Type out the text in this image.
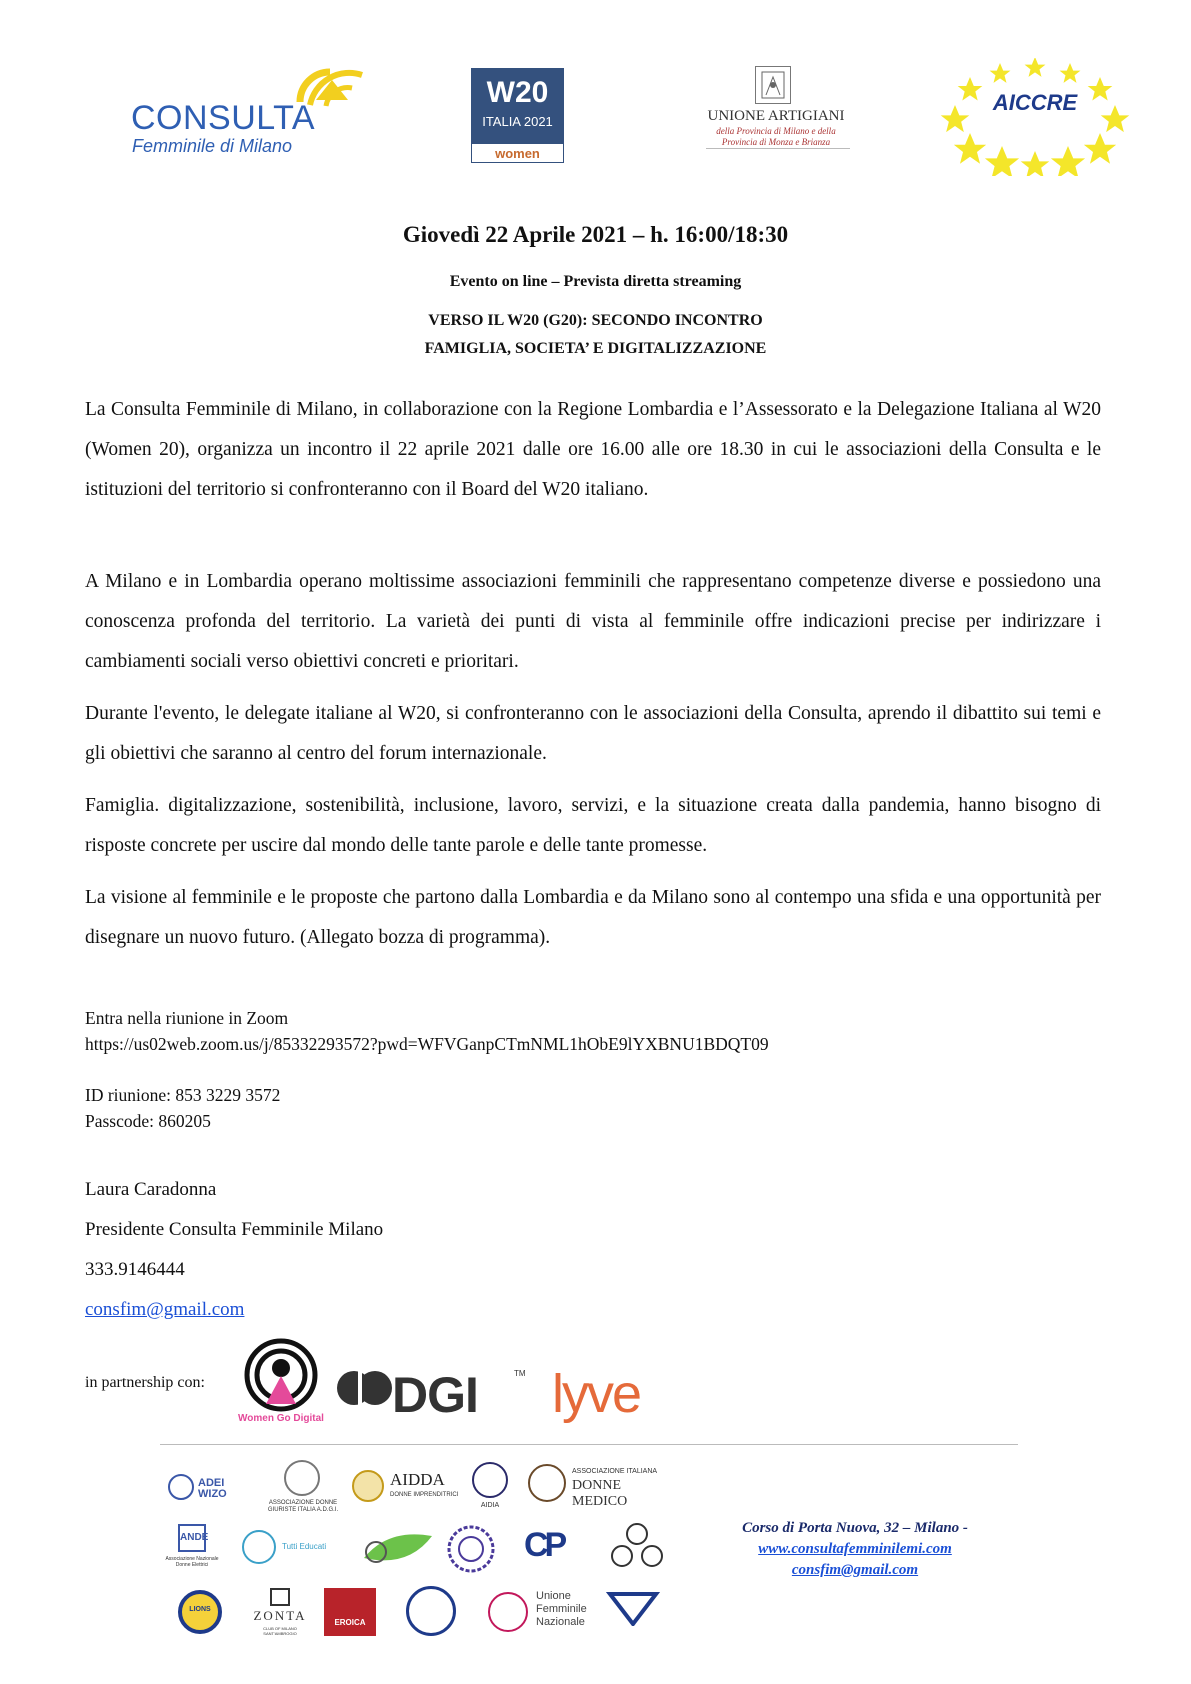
CONSULTA
Femminile di Milano
W20
ITALIA 2021
women
UNIONE ARTIGIANI
della Provincia di Milano e della
Provincia di Monza e Brianza
AICCRE
Giovedì 22 Aprile 2021 – h. 16:00/18:30
Evento on line – Prevista diretta streaming
VERSO IL W20 (G20): SECONDO INCONTRO
FAMIGLIA, SOCIETA’ E DIGITALIZZAZIONE
La Consulta Femminile di Milano, in collaborazione con la Regione Lombardia e l’Assessorato e la Delegazione Italiana al W20 (Women 20), organizza un incontro il 22 aprile 2021 dalle ore 16.00 alle ore 18.30 in cui le associazioni della Consulta e le istituzioni del territorio si confronteranno con il Board del W20 italiano.
A Milano e in Lombardia operano moltissime associazioni femminili che rappresentano competenze diverse e possiedono una conoscenza profonda del territorio. La varietà dei punti di vista al femminile offre indicazioni precise per indirizzare i cambiamenti sociali verso obiettivi concreti e prioritari.
Durante l'evento, le delegate italiane al W20, si confronteranno con le associazioni della Consulta, aprendo il dibattito sui temi e gli obiettivi che saranno al centro del forum internazionale.
Famiglia. digitalizzazione, sostenibilità, inclusione, lavoro, servizi, e la situazione creata dalla pandemia, hanno bisogno di risposte concrete per uscire dal mondo delle tante parole e delle tante promesse.
La visione al femminile e le proposte che partono dalla Lombardia e da Milano sono al contempo una sfida e una opportunità per disegnare un nuovo futuro. (Allegato bozza di programma).
Entra nella riunione in Zoom
https://us02web.zoom.us/j/85332293572?pwd=WFVGanpCTmNML1hObE9lYXBNU1BDQT09
ID riunione: 853 3229 3572
Passcode: 860205
Laura Caradonna
Presidente Consulta Femminile Milano
333.9146444
consfim@gmail.com
in partnership con:
Women Go Digital DGI	TM lyve
ADEI WIZO
ASSOCIAZIONE DONNE GIURISTE ITALIA A.D.G.I.
AIDDA
DONNE IMPRENDITRICI
AIDIA
ASSOCIAZIONE ITALIANA
DONNE MEDICO
ANDE
Associazione Nazionale Donne Elettrici
Tutti Educati	CP
LIONS	ZONTA
CLUB OF MILANO SANT'AMBROGIO
EROICA
Unione
Femminile
Nazionale
YWCA - UCDG
Corso di Porta Nuova, 32 – Milano -
www.consultafemminilemi.com
consfim@gmail.com
